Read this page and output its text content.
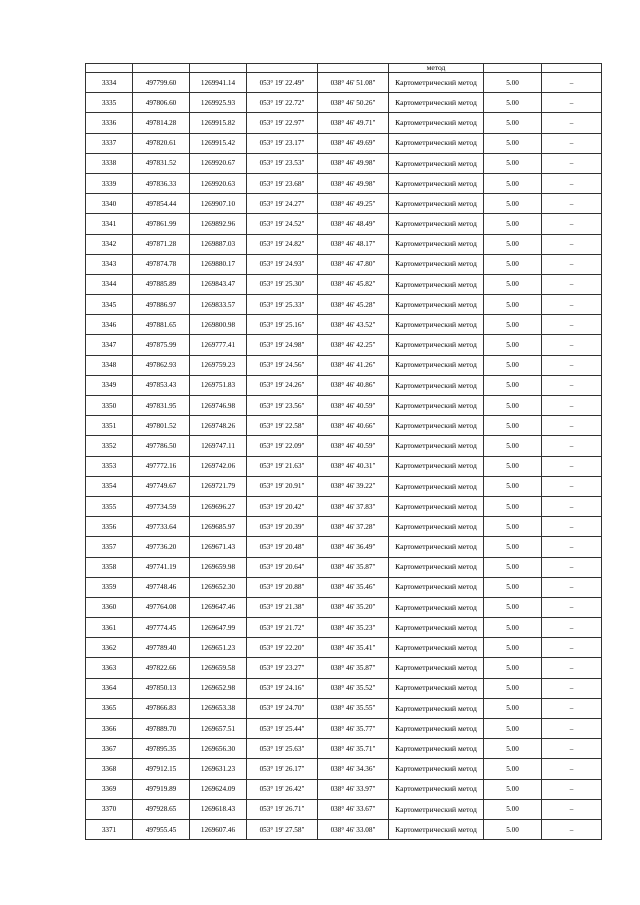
					метод		
3334	497799.60	1269941.14	053° 19' 22.49"	038° 46' 51.08"	Картометрический метод	5.00	–
3335	497806.60	1269925.93	053° 19' 22.72"	038° 46' 50.26"	Картометрический метод	5.00	–
3336	497814.28	1269915.82	053° 19' 22.97"	038° 46' 49.71"	Картометрический метод	5.00	–
3337	497820.61	1269915.42	053° 19' 23.17"	038° 46' 49.69"	Картометрический метод	5.00	–
3338	497831.52	1269920.67	053° 19' 23.53"	038° 46' 49.98"	Картометрический метод	5.00	–
3339	497836.33	1269920.63	053° 19' 23.68"	038° 46' 49.98"	Картометрический метод	5.00	–
3340	497854.44	1269907.10	053° 19' 24.27"	038° 46' 49.25"	Картометрический метод	5.00	–
3341	497861.99	1269892.96	053° 19' 24.52"	038° 46' 48.49"	Картометрический метод	5.00	–
3342	497871.28	1269887.03	053° 19' 24.82"	038° 46' 48.17"	Картометрический метод	5.00	–
3343	497874.78	1269880.17	053° 19' 24.93"	038° 46' 47.80"	Картометрический метод	5.00	–
3344	497885.89	1269843.47	053° 19' 25.30"	038° 46' 45.82"	Картометрический метод	5.00	–
3345	497886.97	1269833.57	053° 19' 25.33"	038° 46' 45.28"	Картометрический метод	5.00	–
3346	497881.65	1269800.98	053° 19' 25.16"	038° 46' 43.52"	Картометрический метод	5.00	–
3347	497875.99	1269777.41	053° 19' 24.98"	038° 46' 42.25"	Картометрический метод	5.00	–
3348	497862.93	1269759.23	053° 19' 24.56"	038° 46' 41.26"	Картометрический метод	5.00	–
3349	497853.43	1269751.83	053° 19' 24.26"	038° 46' 40.86"	Картометрический метод	5.00	–
3350	497831.95	1269746.98	053° 19' 23.56"	038° 46' 40.59"	Картометрический метод	5.00	–
3351	497801.52	1269748.26	053° 19' 22.58"	038° 46' 40.66"	Картометрический метод	5.00	–
3352	497786.50	1269747.11	053° 19' 22.09"	038° 46' 40.59"	Картометрический метод	5.00	–
3353	497772.16	1269742.06	053° 19' 21.63"	038° 46' 40.31"	Картометрический метод	5.00	–
3354	497749.67	1269721.79	053° 19' 20.91"	038° 46' 39.22"	Картометрический метод	5.00	–
3355	497734.59	1269696.27	053° 19' 20.42"	038° 46' 37.83"	Картометрический метод	5.00	–
3356	497733.64	1269685.97	053° 19' 20.39"	038° 46' 37.28"	Картометрический метод	5.00	–
3357	497736.20	1269671.43	053° 19' 20.48"	038° 46' 36.49"	Картометрический метод	5.00	–
3358	497741.19	1269659.98	053° 19' 20.64"	038° 46' 35.87"	Картометрический метод	5.00	–
3359	497748.46	1269652.30	053° 19' 20.88"	038° 46' 35.46"	Картометрический метод	5.00	–
3360	497764.08	1269647.46	053° 19' 21.38"	038° 46' 35.20"	Картометрический метод	5.00	–
3361	497774.45	1269647.99	053° 19' 21.72"	038° 46' 35.23"	Картометрический метод	5.00	–
3362	497789.40	1269651.23	053° 19' 22.20"	038° 46' 35.41"	Картометрический метод	5.00	–
3363	497822.66	1269659.58	053° 19' 23.27"	038° 46' 35.87"	Картометрический метод	5.00	–
3364	497850.13	1269652.98	053° 19' 24.16"	038° 46' 35.52"	Картометрический метод	5.00	–
3365	497866.83	1269653.38	053° 19' 24.70"	038° 46' 35.55"	Картометрический метод	5.00	–
3366	497889.70	1269657.51	053° 19' 25.44"	038° 46' 35.77"	Картометрический метод	5.00	–
3367	497895.35	1269656.30	053° 19' 25.63"	038° 46' 35.71"	Картометрический метод	5.00	–
3368	497912.15	1269631.23	053° 19' 26.17"	038° 46' 34.36"	Картометрический метод	5.00	–
3369	497919.89	1269624.09	053° 19' 26.42"	038° 46' 33.97"	Картометрический метод	5.00	–
3370	497928.65	1269618.43	053° 19' 26.71"	038° 46' 33.67"	Картометрический метод	5.00	–
3371	497955.45	1269607.46	053° 19' 27.58"	038° 46' 33.08"	Картометрический метод	5.00	–
